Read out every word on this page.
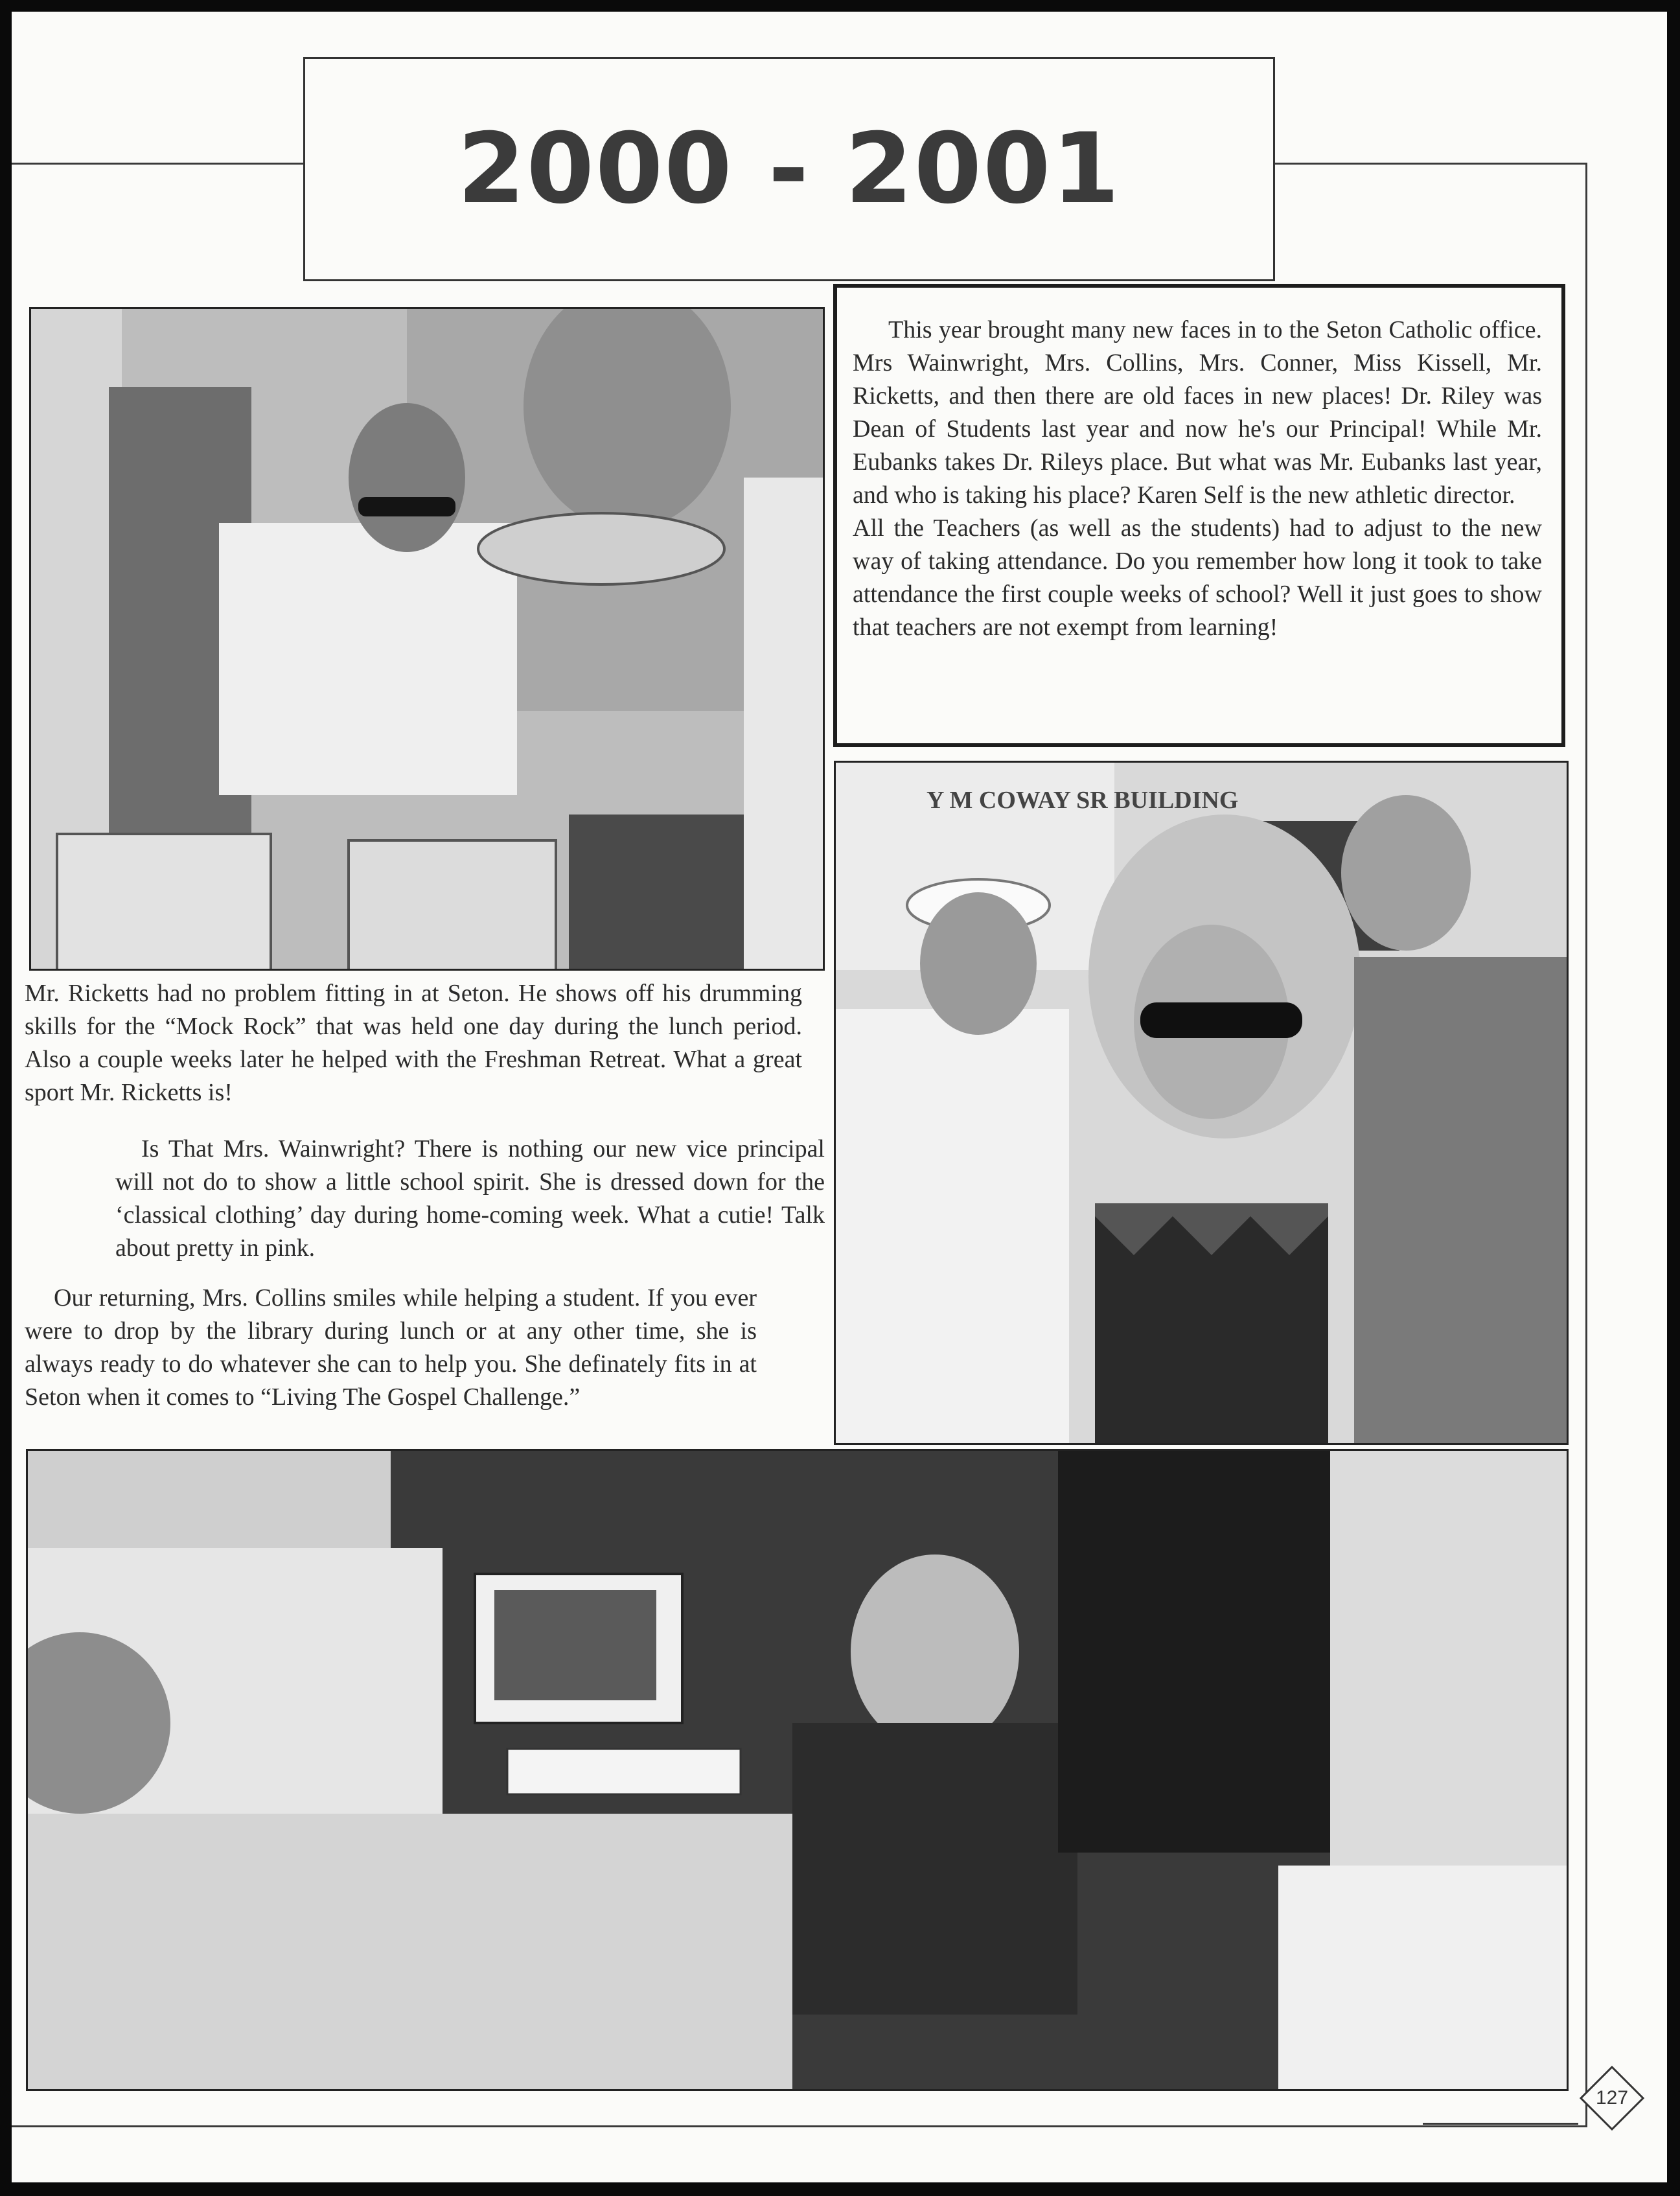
2000 - 2001

This year brought many new faces in to the Seton Catholic office. Mrs Wainwright, Mrs. Collins, Mrs. Conner, Miss Kissell, Mr. Ricketts, and then there are old faces in new places! Dr. Riley was Dean of Students last year and now he's our Principal! While Mr. Eubanks takes Dr. Rileys place. But what was Mr. Eubanks last year, and who is taking his place? Karen Self is the new athletic director.

All the Teachers (as well as the students) had to adjust to the new way of taking attendance. Do you remember how long it took to take attendance the first couple weeks of school? Well it just goes to show that teachers are not exempt from learning!

Y M COWAY SR BUILDING

Mr. Ricketts had no problem fitting in at Seton. He shows off his drumming skills for the “Mock Rock” that was held one day during the lunch period. Also a couple weeks later he helped with the Freshman Retreat. What a great sport Mr. Ricketts is!

Is That Mrs. Wainwright? There is nothing our new vice principal will not do to show a little school spirit. She is dressed down for the ‘classical clothing’ day during home-coming week. What a cutie! Talk about pretty in pink.

Our returning, Mrs. Collins smiles while helping a student. If you ever were to drop by the library during lunch or at any other time, she is always ready to do whatever she can to help you. She definately fits in at Seton when it comes to “Living The Gospel Challenge.”

127
